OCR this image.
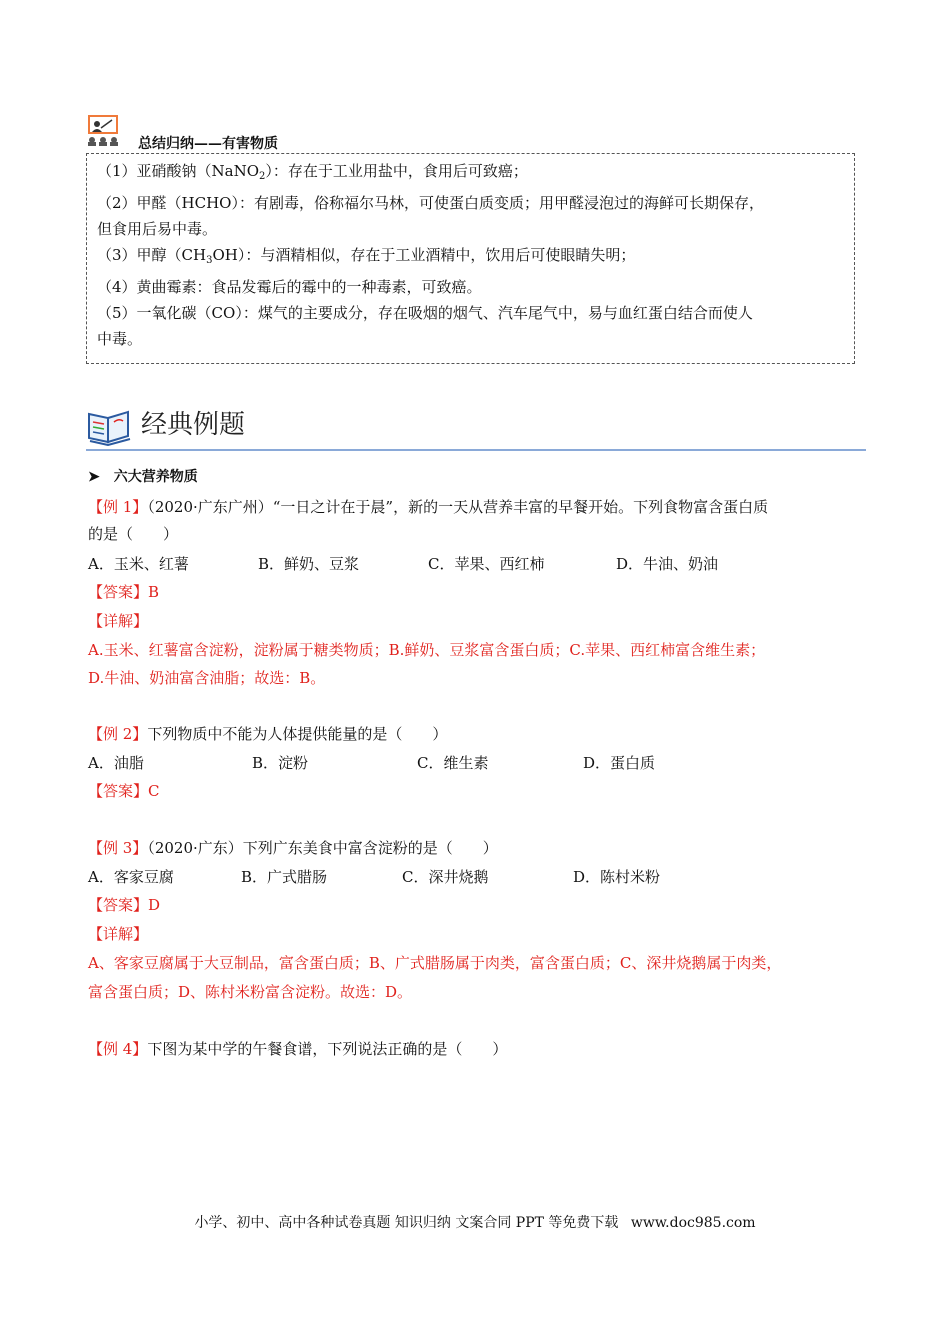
总结归纳——有害物质

（1）亚硝酸钠（NaNO$_2$）：存在于工业用盐中，食用后可致癌；

（2）甲醛（HCHO）：有剧毒，俗称福尔马林，可使蛋白质变质；用甲醛浸泡过的海鲜可长期保存，

但食用后易中毒。

（3）甲醇$(CH_3OH)$：与酒精相似，存在于工业酒精中，饮用后可使眼睛失明；

（4）黄曲霉素：食品发霉后的霉中的一种毒素，可致癌。

（5）一氧化碳（CO）：煤气的主要成分，存在吸烟的烟气、汽车尾气中，易与血红蛋白结合而使人

中毒。

经典例题
➤ 六大营养物质
【例 1】（2020·广东广州）“一日之计在于晨”，新的一天从营养丰富的早餐开始。下列食物富含蛋白质
的是（　　）
A．玉米、红薯	B．鲜奶、豆浆	C．苹果、西红柿	D．牛油、奶油
【答案】B
【详解】
A.玉米、红薯富含淀粉，淀粉属于糖类物质；B.鲜奶、豆浆富含蛋白质；C.苹果、西红柿富含维生素；
D.牛油、奶油富含油脂；故选：B。
【例 2】下列物质中不能为人体提供能量的是（　　）
A．油脂	B．淀粉	C．维生素	D．蛋白质
【答案】C
【例 3】（2020·广东）下列广东美食中富含淀粉的是（　　）
A．客家豆腐	B．广式腊肠	C．深井烧鹅	D．陈村米粉
【答案】D
【详解】
A、客家豆腐属于大豆制品，富含蛋白质；B、广式腊肠属于肉类，富含蛋白质；C、深井烧鹅属于肉类，
富含蛋白质；D、陈村米粉富含淀粉。故选：D。
【例 4】下图为某中学的午餐食谱，下列说法正确的是（　　）
小学、初中、高中各种试卷真题 知识归纳 文案合同 PPT 等免费下载 www.doc985.com
